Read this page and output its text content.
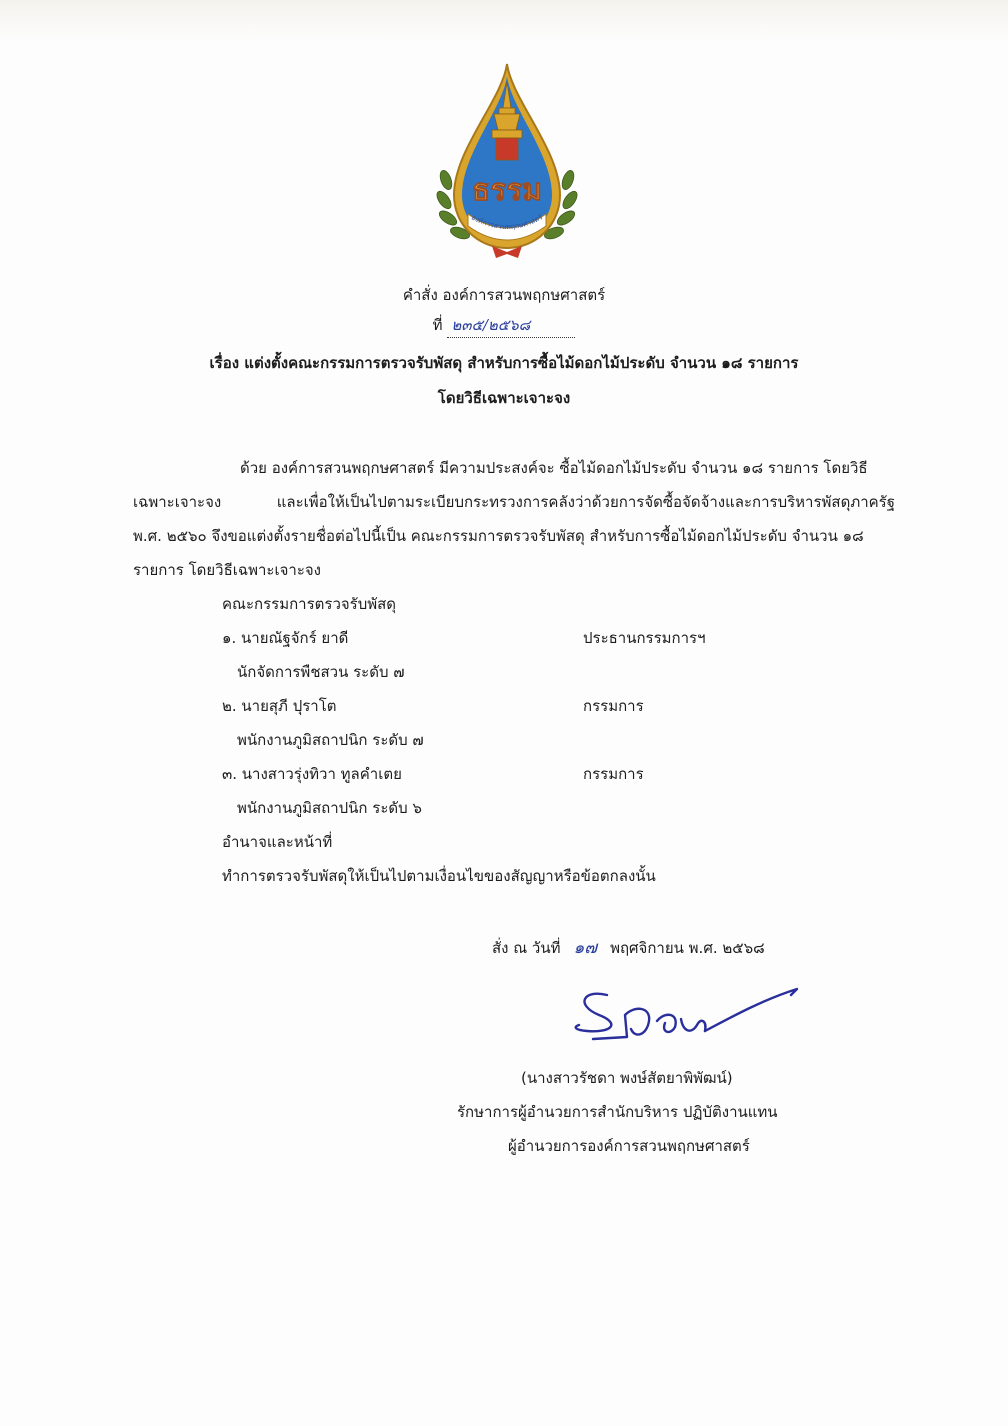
ธรรม
องค์การสวนพฤกษศาสตร์
คำสั่ง องค์การสวนพฤกษศาสตร์
ที่ ๒๓๕/๒๕๖๘
เรื่อง แต่งตั้งคณะกรรมการตรวจรับพัสดุ สำหรับการซื้อไม้ดอกไม้ประดับ จำนวน ๑๘ รายการ
โดยวิธีเฉพาะเจาะจง
ด้วย องค์การสวนพฤกษศาสตร์ มีความประสงค์จะ ซื้อไม้ดอกไม้ประดับ จำนวน ๑๘ รายการ โดยวิธี
เฉพาะเจาะจง	และเพื่อให้เป็นไปตามระเบียบกระทรวงการคลังว่าด้วยการจัดซื้อจัดจ้างและการบริหารพัสดุภาครัฐ
พ.ศ. ๒๕๖๐ จึงขอแต่งตั้งรายชื่อต่อไปนี้เป็น คณะกรรมการตรวจรับพัสดุ สำหรับการซื้อไม้ดอกไม้ประดับ จำนวน ๑๘
รายการ โดยวิธีเฉพาะเจาะจง
คณะกรรมการตรวจรับพัสดุ
๑. นายณัฐจักร์ ยาดี	ประธานกรรมการฯ
นักจัดการพืชสวน ระดับ ๗
๒. นายสุภี ปุราโต	กรรมการ
พนักงานภูมิสถาปนิก ระดับ ๗
๓. นางสาวรุ่งทิวา ทูลคำเตย	กรรมการ
พนักงานภูมิสถาปนิก ระดับ ๖
อำนาจและหน้าที่
ทำการตรวจรับพัสดุให้เป็นไปตามเงื่อนไขของสัญญาหรือข้อตกลงนั้น
สั่ง ณ วันที่ ๑๗ พฤศจิกายน พ.ศ. ๒๕๖๘
(นางสาวรัชดา พงษ์สัตยาพิพัฒน์)
รักษาการผู้อำนวยการสำนักบริหาร ปฏิบัติงานแทน
ผู้อำนวยการองค์การสวนพฤกษศาสตร์
